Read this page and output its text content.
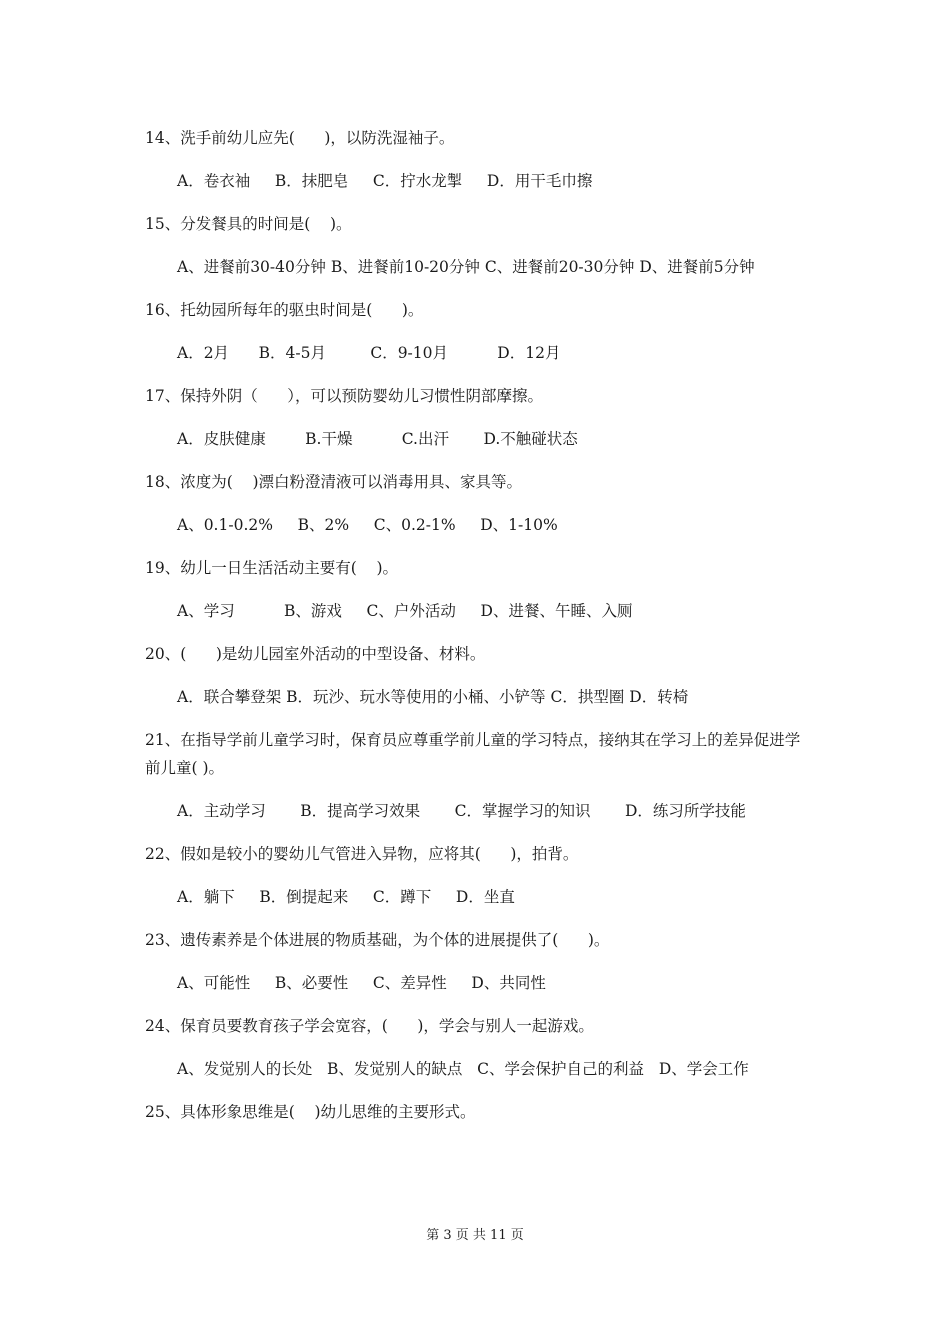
14、洗手前幼儿应先(      )，以防洗湿袖子。

A．卷衣袖 B．抹肥皂 C．拧水龙掣 D．用干毛巾擦

15、分发餐具的时间是(    )。

A、进餐前30-40分钟 B、进餐前10-20分钟 C、进餐前20-30分钟 D、进餐前5分钟

16、托幼园所每年的驱虫时间是(      )。

A．2月 B．4-5月	C．9-10月	D．12月

17、保持外阴（      ），可以预防婴幼儿习惯性阴部摩擦。

A．皮肤健康	B.干燥	C.出汗 D.不触碰状态

18、浓度为(    )漂白粉澄清液可以消毒用具、家具等。

A、0.1-0.2% B、2% C、0.2-1% D、1-10%

19、幼儿一日生活活动主要有(    )。

A、学习	B、游戏 C、户外活动 D、进餐、午睡、入厕

20、(      )是幼儿园室外活动的中型设备、材料。

A．联合攀登架 B．玩沙、玩水等使用的小桶、小铲等 C．拱型圈 D．转椅

21、在指导学前儿童学习时，保育员应尊重学前儿童的学习特点，接纳其在学习上的差异促进学前儿童( )。

A．主动学习 B．提高学习效果 C．掌握学习的知识 D．练习所学技能

22、假如是较小的婴幼儿气管进入异物，应将其(      )，拍背。

A．躺下 B．倒提起来 C．蹲下 D．坐直

23、遗传素养是个体进展的物质基础，为个体的进展提供了(      )。

A、可能性 B、必要性 C、差异性 D、共同性

24、保育员要教育孩子学会宽容，(      )，学会与别人一起游戏。

A、发觉别人的长处 B、发觉别人的缺点 C、学会保护自己的利益 D、学会工作

25、具体形象思维是(    )幼儿思维的主要形式。

第 3 页 共 11 页
